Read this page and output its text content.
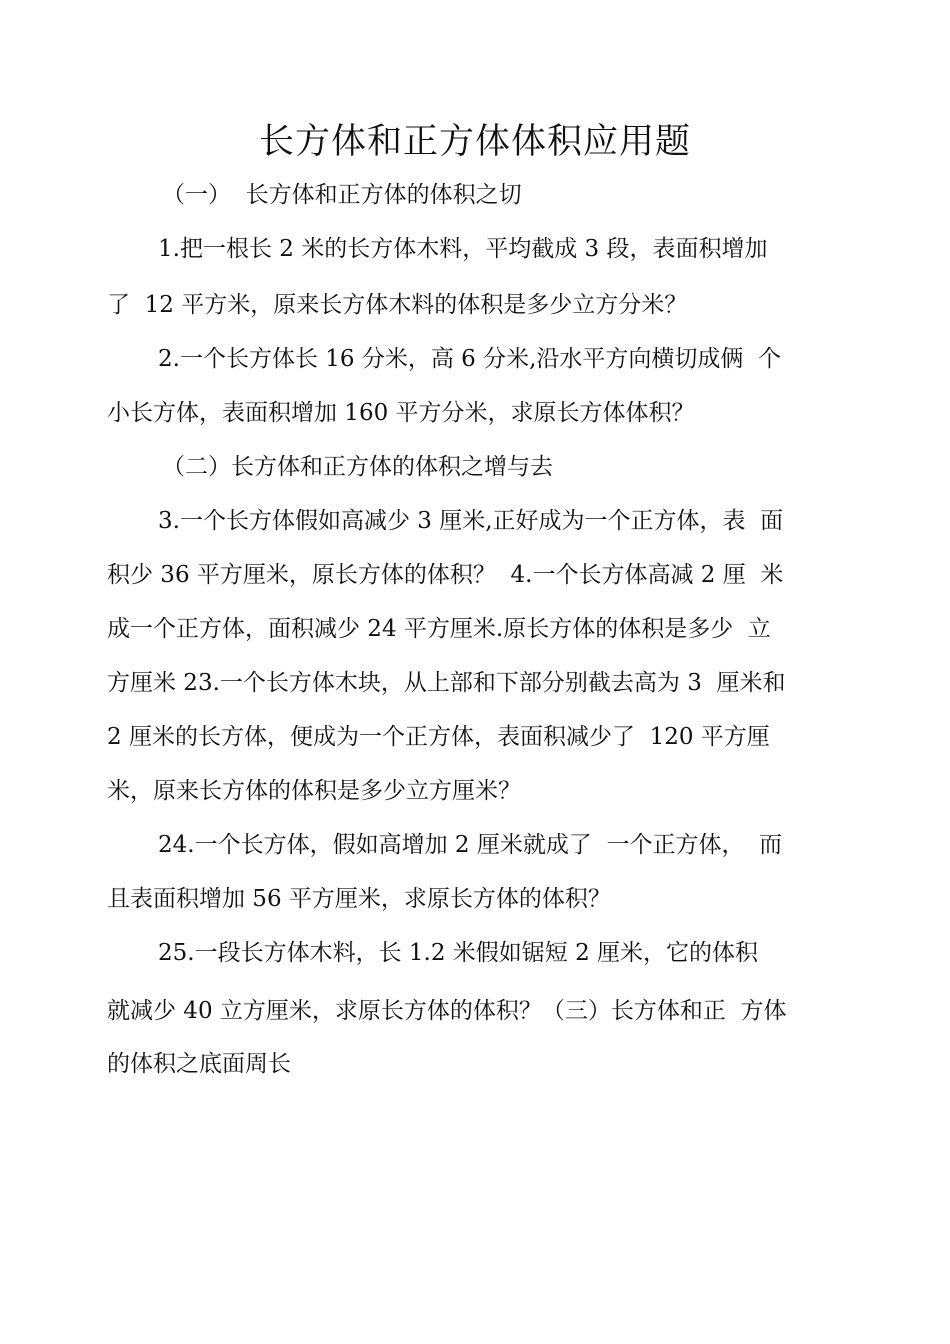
长方体和正方体体积应用题
（一）  长方体和正方体的体积之切
1.把一根长 2 米的长方体木料，平均截成 3 段，表面积增加
了  12 平方米，原来长方体木料的体积是多少立方分米？
2.一个长方体长 16 分米，高 6 分米,沿水平方向横切成俩  个
小长方体，表面积增加 160 平方分米，求原长方体体积？
（二）长方体和正方体的体积之增与去
3.一个长方体假如高减少 3 厘米,正好成为一个正方体，表  面
积少 36 平方厘米，原长方体的体积？  4.一个长方体高减 2 厘  米
成一个正方体，面积减少 24 平方厘米.原长方体的体积是多少  立
方厘米 23.一个长方体木块，从上部和下部分别截去高为 3  厘米和
2 厘米的长方体，便成为一个正方体，表面积减少了  120 平方厘
米，原来长方体的体积是多少立方厘米？
24.一个长方体，假如高增加 2 厘米就成了  一个正方体，  而
且表面积增加 56 平方厘米，求原长方体的体积？
25.一段长方体木料，长 1.2 米假如锯短 2 厘米，它的体积
就减少 40 立方厘米，求原长方体的体积？（三）长方体和正  方体
的体积之底面周长
